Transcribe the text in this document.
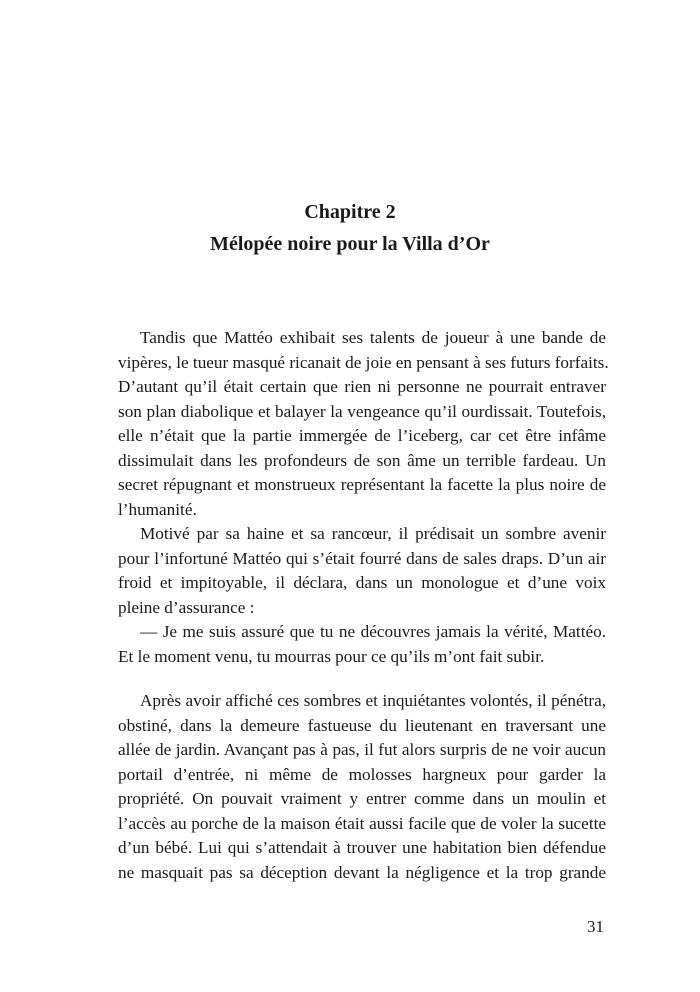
Chapitre 2
Mélopée noire pour la Villa d’Or
Tandis que Mattéo exhibait ses talents de joueur à une bande de
vipères, le tueur masqué ricanait de joie en pensant à ses futurs forfaits.
D’autant qu’il était certain que rien ni personne ne pourrait entraver
son plan diabolique et balayer la vengeance qu’il ourdissait. Toutefois,
elle n’était que la partie immergée de l’iceberg, car cet être infâme
dissimulait dans les profondeurs de son âme un terrible fardeau. Un
secret répugnant et monstrueux représentant la facette la plus noire de
l’humanité.
Motivé par sa haine et sa rancœur, il prédisait un sombre avenir
pour l’infortuné Mattéo qui s’était fourré dans de sales draps. D’un air
froid et impitoyable, il déclara, dans un monologue et d’une voix
pleine d’assurance :
— Je me suis assuré que tu ne découvres jamais la vérité, Mattéo.
Et le moment venu, tu mourras pour ce qu’ils m’ont fait subir.
Après avoir affiché ces sombres et inquiétantes volontés, il pénétra,
obstiné, dans la demeure fastueuse du lieutenant en traversant une
allée de jardin. Avançant pas à pas, il fut alors surpris de ne voir aucun
portail d’entrée, ni même de molosses hargneux pour garder la
propriété. On pouvait vraiment y entrer comme dans un moulin et
l’accès au porche de la maison était aussi facile que de voler la sucette
d’un bébé. Lui qui s’attendait à trouver une habitation bien défendue
ne masquait pas sa déception devant la négligence et la trop grande
31
